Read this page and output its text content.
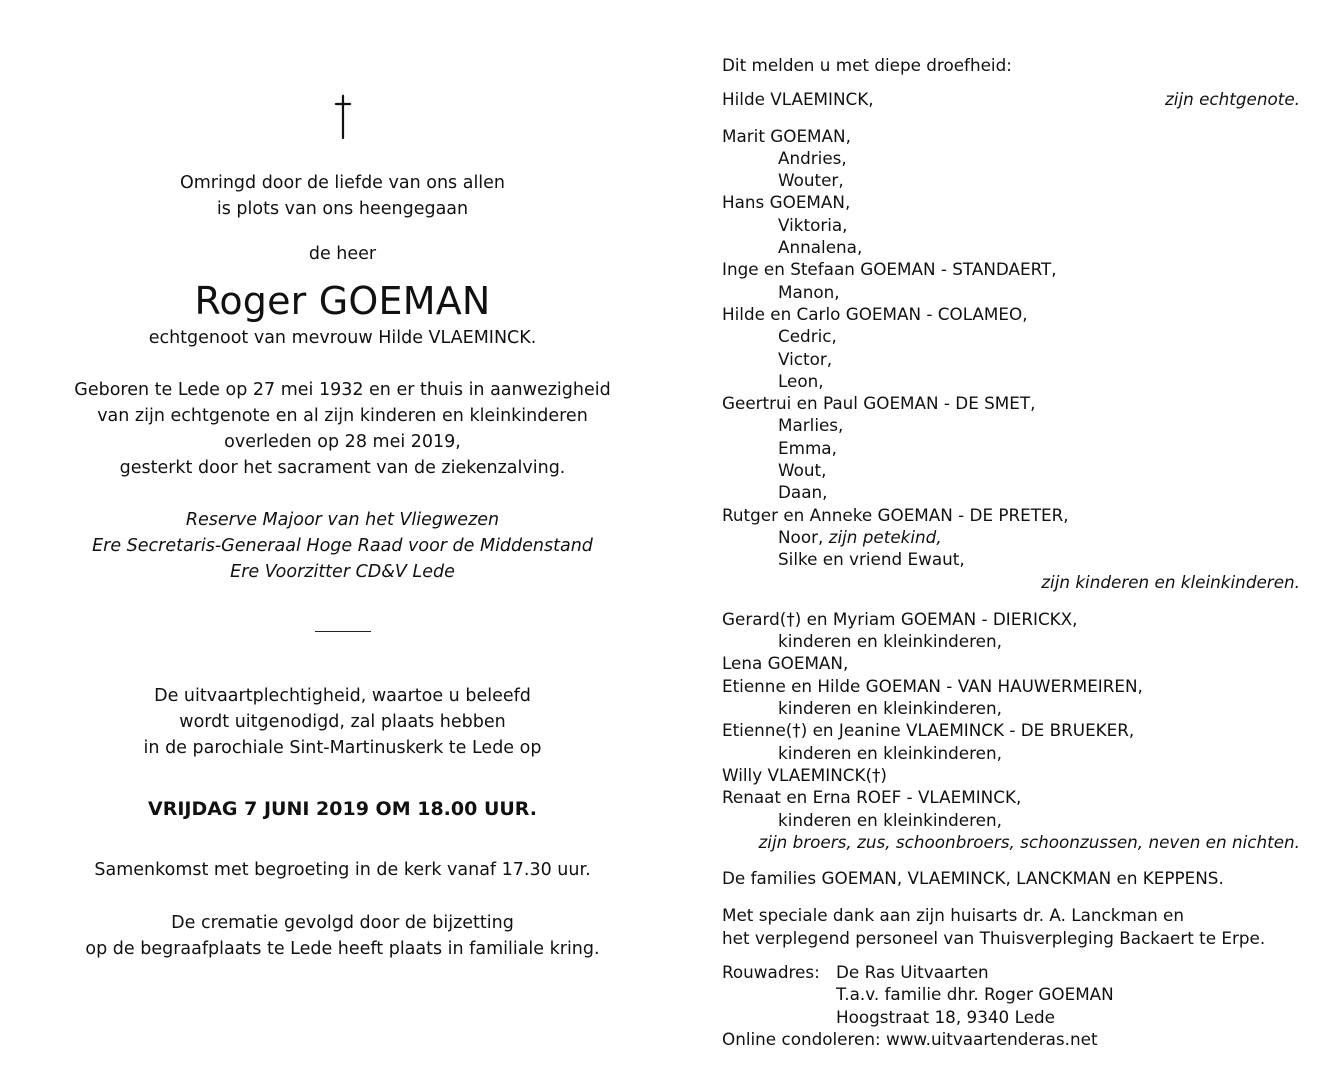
Omringd door de liefde van ons allen
is plots van ons heengegaan
de heer
Roger GOEMAN
echtgenoot van mevrouw Hilde VLAEMINCK.
Geboren te Lede op 27 mei 1932 en er thuis in aanwezigheid
van zijn echtgenote en al zijn kinderen en kleinkinderen
overleden op 28 mei 2019,
gesterkt door het sacrament van de ziekenzalving.
Reserve Majoor van het Vliegwezen
Ere Secretaris-Generaal Hoge Raad voor de Middenstand
Ere Voorzitter CD&V Lede
De uitvaartplechtigheid, waartoe u beleefd
wordt uitgenodigd, zal plaats hebben
in de parochiale Sint-Martinuskerk te Lede op
VRIJDAG 7 JUNI 2019 OM 18.00 UUR.
Samenkomst met begroeting in de kerk vanaf 17.30 uur.
De crematie gevolgd door de bijzetting
op de begraafplaats te Lede heeft plaats in familiale kring.
Dit melden u met diepe droefheid:
Hilde VLAEMINCK,	zijn echtgenote.
Marit GOEMAN,
Andries,
Wouter,
Hans GOEMAN,
Viktoria,
Annalena,
Inge en Stefaan GOEMAN - STANDAERT,
Manon,
Hilde en Carlo GOEMAN - COLAMEO,
Cedric,
Victor,
Leon,
Geertrui en Paul GOEMAN - DE SMET,
Marlies,
Emma,
Wout,
Daan,
Rutger en Anneke GOEMAN - DE PRETER,
Noor, zijn petekind,
Silke en vriend Ewaut,
zijn kinderen en kleinkinderen.
Gerard(†) en Myriam GOEMAN - DIERICKX,
kinderen en kleinkinderen,
Lena GOEMAN,
Etienne en Hilde GOEMAN - VAN HAUWERMEIREN,
kinderen en kleinkinderen,
Etienne(†) en Jeanine VLAEMINCK - DE BRUEKER,
kinderen en kleinkinderen,
Willy VLAEMINCK(†)
Renaat en Erna ROEF - VLAEMINCK,
kinderen en kleinkinderen,
zijn broers, zus, schoonbroers, schoonzussen, neven en nichten.
De families GOEMAN, VLAEMINCK, LANCKMAN en KEPPENS.
Met speciale dank aan zijn huisarts dr. A. Lanckman en
het verplegend personeel van Thuisverpleging Backaert te Erpe.
Rouwadres: De Ras Uitvaarten
T.a.v. familie dhr. Roger GOEMAN
Hoogstraat 18, 9340 Lede
Online condoleren: www.uitvaartenderas.net
